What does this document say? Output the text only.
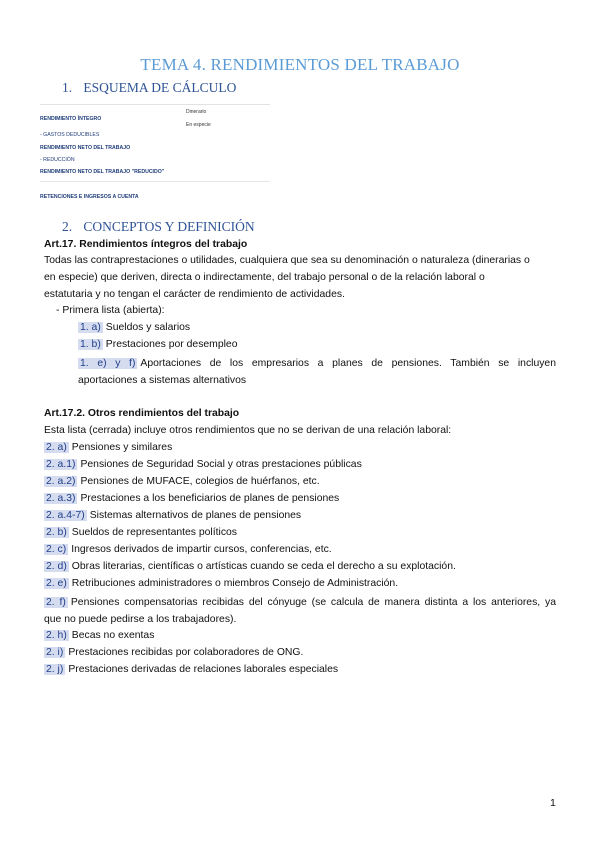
TEMA 4. RENDIMIENTOS DEL TRABAJO
1. ESQUEMA DE CÁLCULO
Dinerario
RENDIMIENTO ÍNTEGRO
En especie
- GASTOS DEDUCIBLES
RENDIMIENTO NETO DEL TRABAJO
- REDUCCIÓN
RENDIMIENTO NETO DEL TRABAJO "REDUCIDO"
RETENCIONES E INGRESOS A CUENTA
2. CONCEPTOS Y DEFINICIÓN
Art.17. Rendimientos íntegros del trabajo
Todas las contraprestaciones o utilidades, cualquiera que sea su denominación o naturaleza (dinerarias o
en especie) que deriven, directa o indirectamente, del trabajo personal o de la relación laboral o
estatutaria y no tengan el carácter de rendimiento de actividades.
- Primera lista (abierta):
1. a) Sueldos y salarios
1. b) Prestaciones por desempleo
1. e) y f) Aportaciones de los empresarios a planes de pensiones. También se incluyen
aportaciones a sistemas alternativos
Art.17.2. Otros rendimientos del trabajo
Esta lista (cerrada) incluye otros rendimientos que no se derivan de una relación laboral:
2. a) Pensiones y similares
2. a.1) Pensiones de Seguridad Social y otras prestaciones públicas
2. a.2) Pensiones de MUFACE, colegios de huérfanos, etc.
2. a.3) Prestaciones a los beneficiarios de planes de pensiones
2. a.4-7) Sistemas alternativos de planes de pensiones
2. b) Sueldos de representantes políticos
2. c) Ingresos derivados de impartir cursos, conferencias, etc.
2. d) Obras literarias, científicas o artísticas cuando se ceda el derecho a su explotación.
2. e) Retribuciones administradores o miembros Consejo de Administración.
2. f) Pensiones compensatorias recibidas del cónyuge (se calcula de manera distinta a los anteriores, ya
que no puede pedirse a los trabajadores).
2. h) Becas no exentas
2. i) Prestaciones recibidas por colaboradores de ONG.
2. j) Prestaciones derivadas de relaciones laborales especiales
1
